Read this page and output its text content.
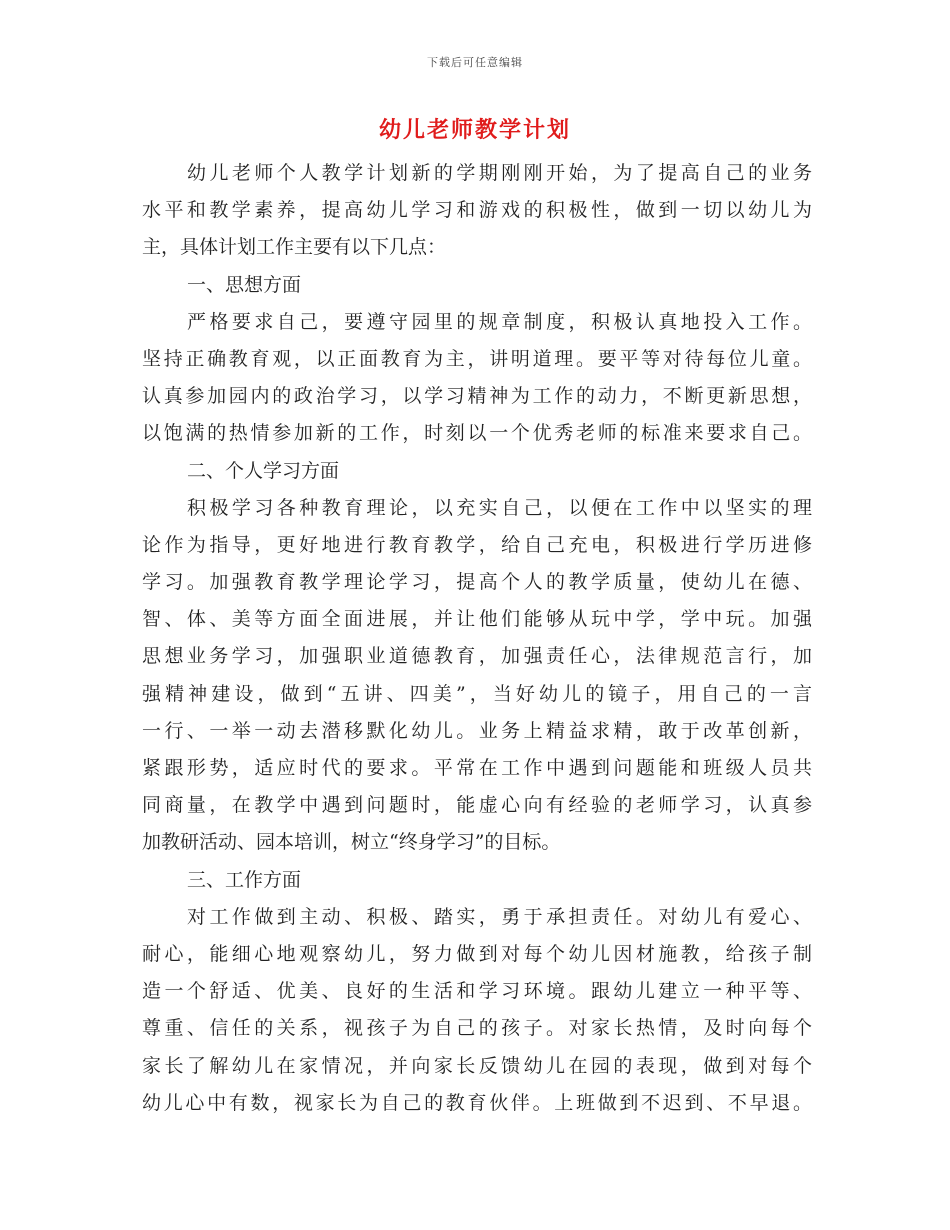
下载后可任意编辑
幼儿老师教学计划
幼儿老师个人教学计划新的学期刚刚开始，为了提高自己的业务
水平和教学素养，提高幼儿学习和游戏的积极性，做到一切以幼儿为
主，具体计划工作主要有以下几点：
一、思想方面
严格要求自己，要遵守园里的规章制度，积极认真地投入工作。
坚持正确教育观，以正面教育为主，讲明道理。要平等对待每位儿童。
认真参加园内的政治学习，以学习精神为工作的动力，不断更新思想，
以饱满的热情参加新的工作，时刻以一个优秀老师的标准来要求自己。
二、个人学习方面
积极学习各种教育理论，以充实自己，以便在工作中以坚实的理
论作为指导，更好地进行教育教学，给自己充电，积极进行学历进修
学习。加强教育教学理论学习，提高个人的教学质量，使幼儿在德、
智、体、美等方面全面进展，并让他们能够从玩中学，学中玩。加强
思想业务学习，加强职业道德教育，加强责任心，法律规范言行，加
强精神建设，做到“五讲、四美”，当好幼儿的镜子，用自己的一言
一行、一举一动去潜移默化幼儿。业务上精益求精，敢于改革创新，
紧跟形势，适应时代的要求。平常在工作中遇到问题能和班级人员共
同商量，在教学中遇到问题时，能虚心向有经验的老师学习，认真参
加教研活动、园本培训，树立“终身学习”的目标。
三、工作方面
对工作做到主动、积极、踏实，勇于承担责任。对幼儿有爱心、
耐心，能细心地观察幼儿，努力做到对每个幼儿因材施教，给孩子制
造一个舒适、优美、良好的生活和学习环境。跟幼儿建立一种平等、
尊重、信任的关系，视孩子为自己的孩子。对家长热情，及时向每个
家长了解幼儿在家情况，并向家长反馈幼儿在园的表现，做到对每个
幼儿心中有数，视家长为自己的教育伙伴。上班做到不迟到、不早退。
